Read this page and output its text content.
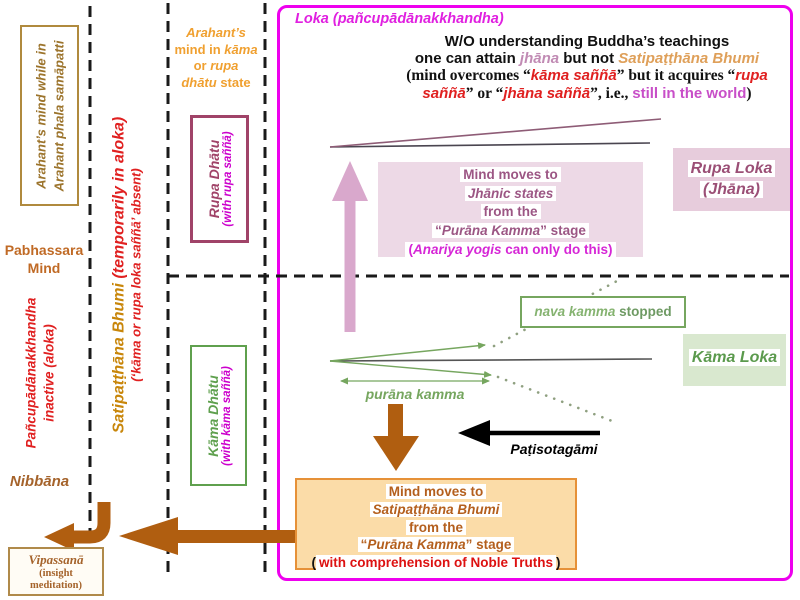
Arahant’s mind while in Arahant phala samāpatti
Pabhassara
Mind
Pañcupādānakkhandha inactive (aloka)
Nibbāna
Vipassanā
(insight
meditation)
Satipaṭṭhāna Bhumi (temporarily in aloka) (‘kāma or rupa loka saññā’ absent)
Arahant’s
mind in kāma
or rupa
dhātu state
Rupa Dhātu (with rupa saññā)
Kāma Dhātu (with kāma saññā)
Loka (pañcupādānakkhandha)
W/O understanding Buddha’s teachings
one can attain jhāna but not Satipaṭṭhāna Bhumi
(mind overcomes “kāma saññā” but it acquires “rupa
saññā” or “jhāna saññā”, i.e., still in the world)
Mind moves to
Jhānic states
from the
“Purāna Kamma” stage
(Anariya yogis can only do this)
Rupa Loka
(Jhāna)
Kāma Loka
nava kamma stopped
purāna kamma
Paṭisotagāmi
Mind moves to
Satipaṭṭhāna Bhumi
from the
“Purāna Kamma” stage
( with comprehension of Noble Truths )
